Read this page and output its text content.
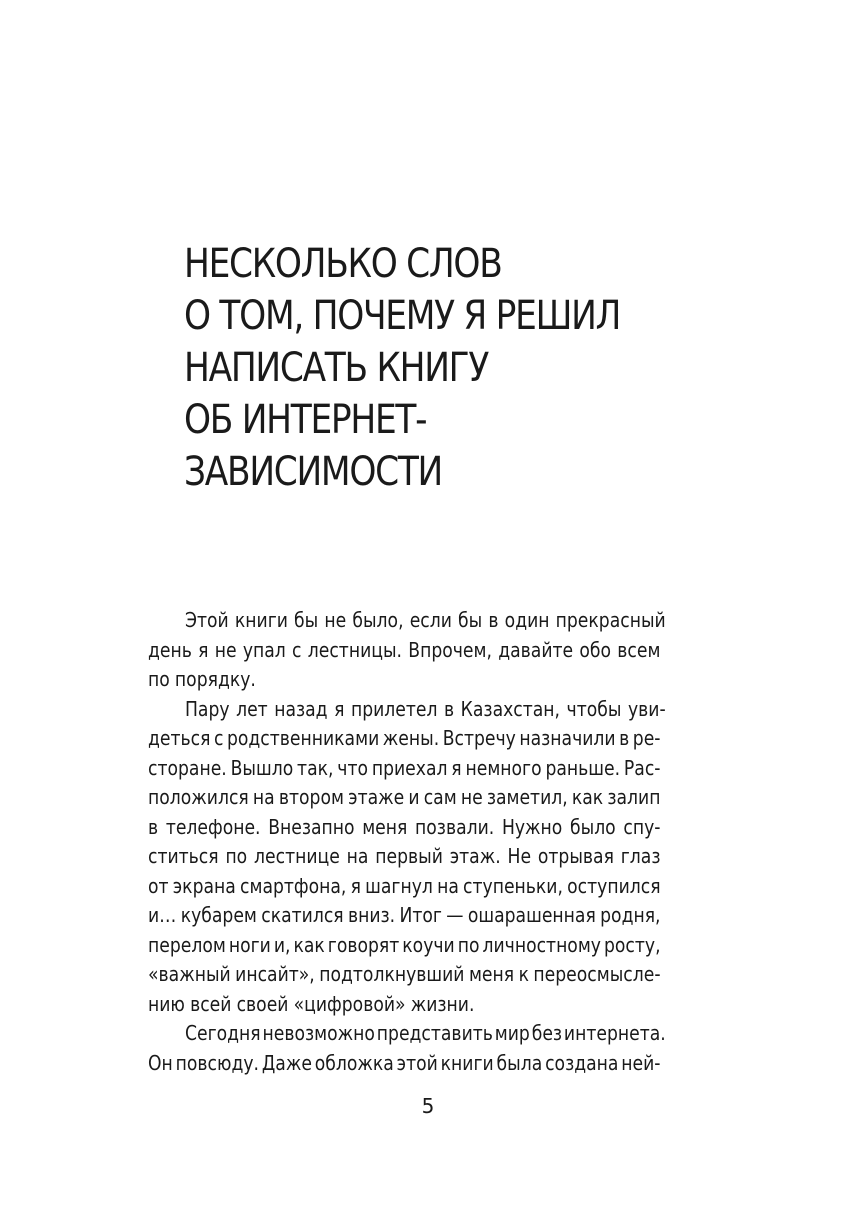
НЕСКОЛЬКО СЛОВ
О ТОМ, ПОЧЕМУ Я РЕШИЛ
НАПИСАТЬ КНИГУ
ОБ ИНТЕРНЕТ-
ЗАВИСИМОСТИ
Этой книги бы не было, если бы в один прекрасный
день я не упал с лестницы. Впрочем, давайте обо всем
по порядку.
Пару лет назад я прилетел в Казахстан, чтобы уви-
деться с родственниками жены. Встречу назначили в ре-
сторане. Вышло так, что приехал я немного раньше. Рас-
положился на втором этаже и сам не заметил, как залип
в телефоне. Внезапно меня позвали. Нужно было спу-
ститься по лестнице на первый этаж. Не отрывая глаз
от экрана смартфона, я шагнул на ступеньки, оступился
и… кубарем скатился вниз. Итог — ошарашенная родня,
перелом ноги и, как говорят коучи по личностному росту,
«важный инсайт», подтолкнувший меня к переосмысле-
нию всей своей «цифровой» жизни.
Сегодня невозможно представить мир без интернета.
Он повсюду. Даже обложка этой книги была создана ней-
5
